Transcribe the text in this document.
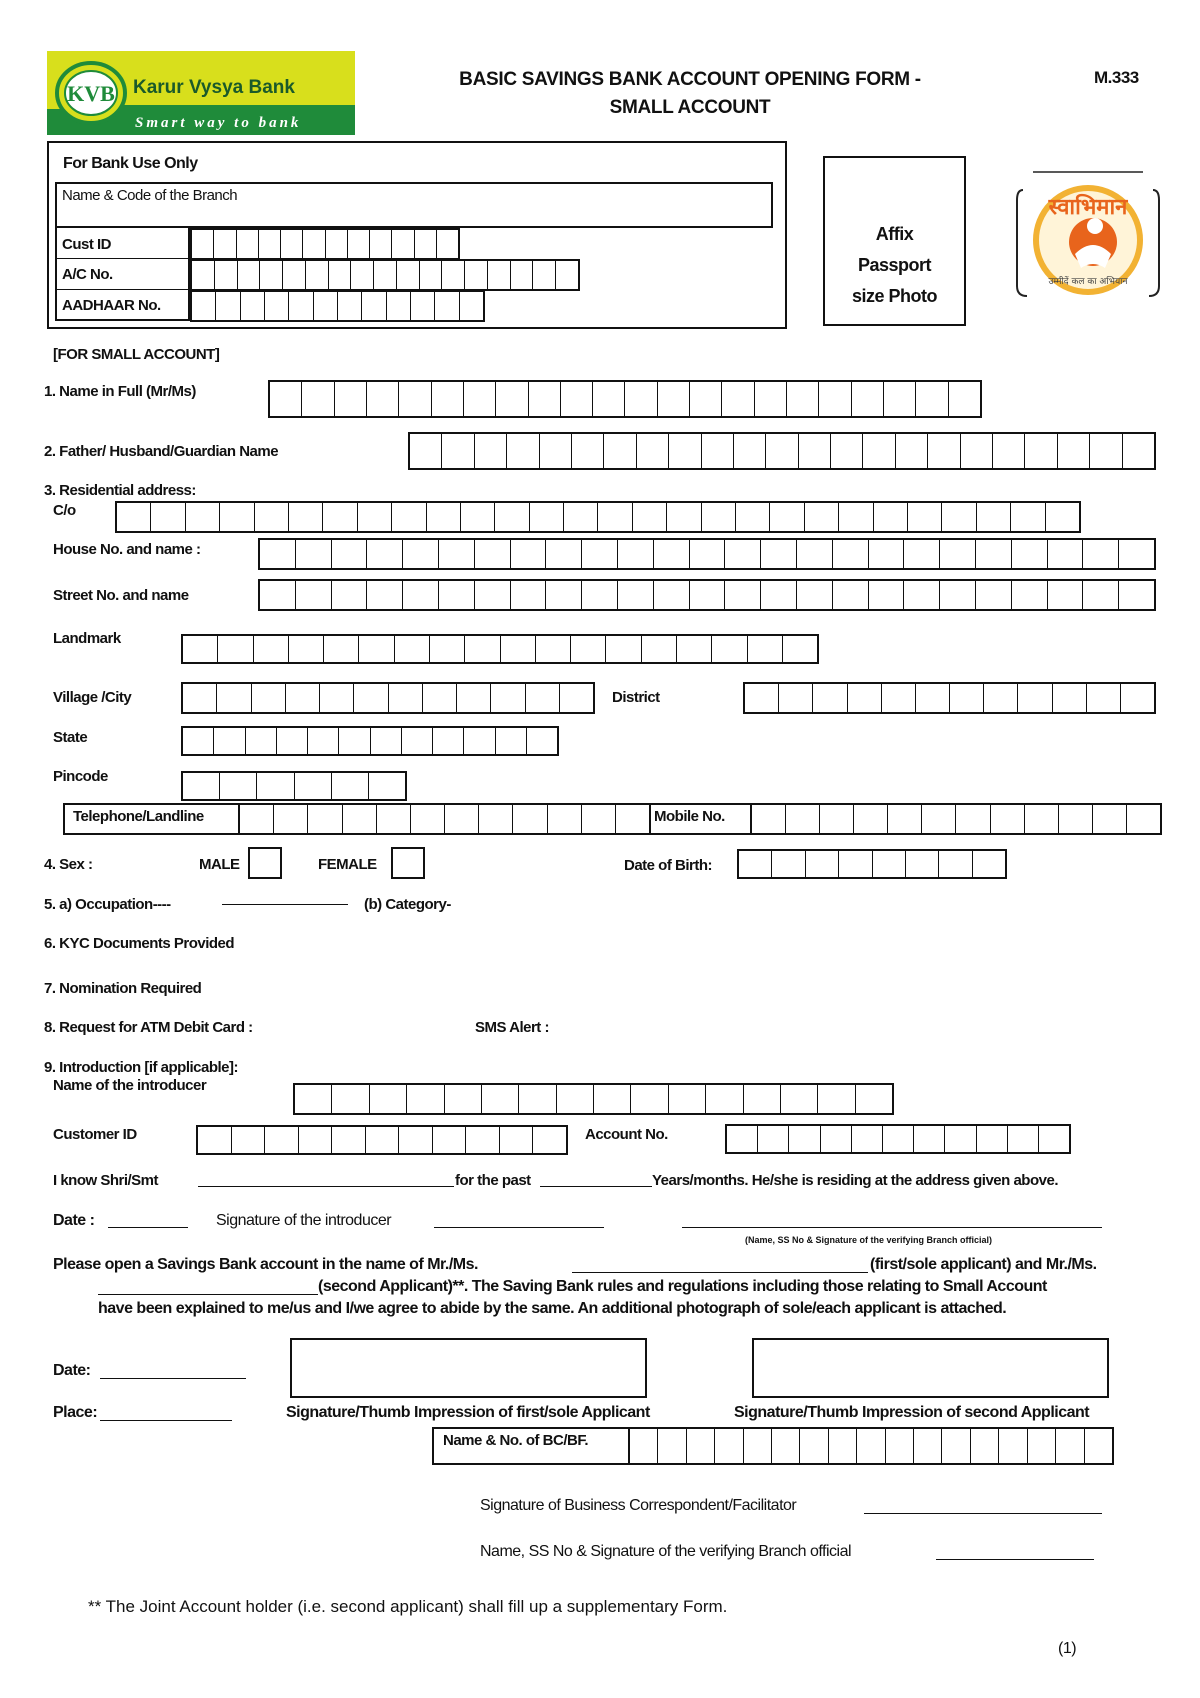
KVB Karur Vysya Bank
Smart way to bank
BASIC SAVINGS BANK ACCOUNT OPENING FORM -
SMALL ACCOUNT
M.333
For Bank Use Only
Name & Code of the Branch
Cust ID
A/C No.
AADHAAR No.
Affix
Passport
size Photo
स्वाभिमान
उम्मीदें कल का अभियान
[FOR SMALL ACCOUNT]
1. Name in Full (Mr/Ms)
2. Father/ Husband/Guardian Name
3. Residential address:
C/o
House No. and name :
Street No. and name
Landmark
Village /City	District
State
Pincode
Telephone/Landline	Mobile No.
4. Sex :	MALE	FEMALE	Date of Birth:
5. a) Occupation----	(b) Category-
6. KYC Documents Provided
7. Nomination Required
8. Request for ATM Debit Card :	SMS Alert :
9. Introduction [if applicable]:
Name of the introducer
Customer ID	Account No.
I know Shri/Smt	for the past	Years/months. He/she is residing at the address given above.
Date :	Signature of the introducer
(Name, SS No & Signature of the verifying Branch official)
Please open a Savings Bank account in the name of Mr./Ms.	(first/sole applicant) and Mr./Ms.
(second Applicant)**. The Saving Bank rules and regulations including those relating to Small Account
have been explained to me/us and I/we agree to abide by the same. An additional photograph of sole/each applicant is attached.
Date:
Place:	Signature/Thumb Impression of first/sole Applicant	Signature/Thumb Impression of second Applicant
Name & No. of BC/BF.
Signature of Business Correspondent/Facilitator
Name, SS No & Signature of the verifying Branch official
** The Joint Account holder (i.e. second applicant) shall fill up a supplementary Form.
(1)
